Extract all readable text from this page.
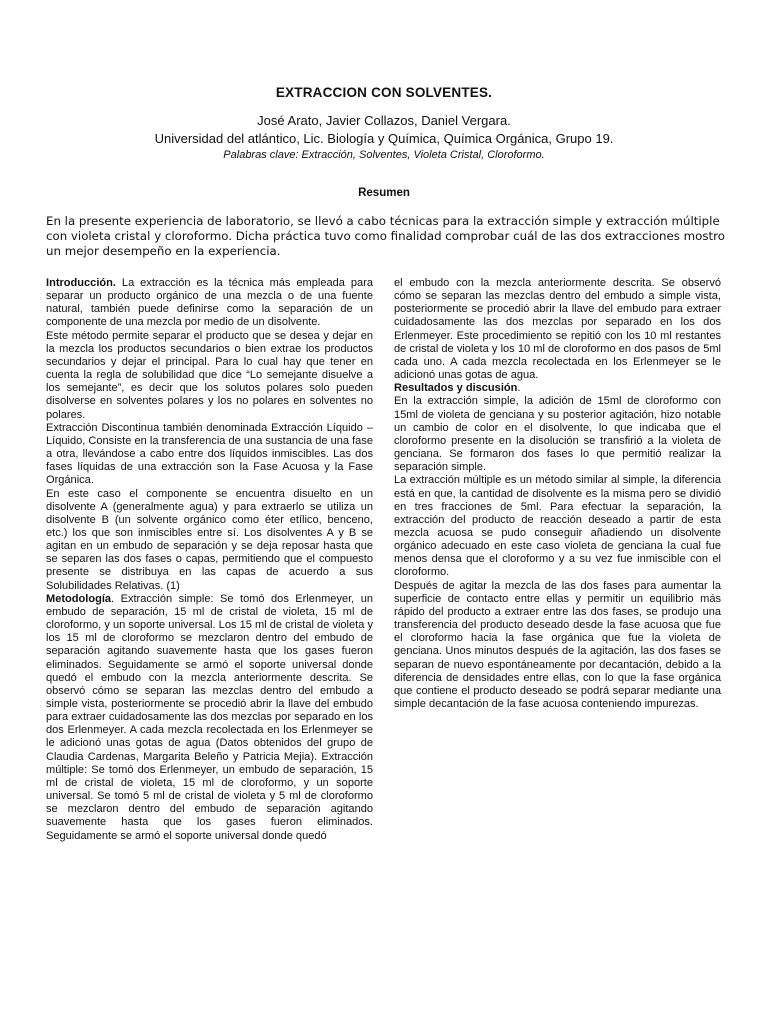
EXTRACCION CON SOLVENTES.
José Arato, Javier Collazos, Daniel Vergara.
Universidad del atlántico, Lic. Biología y Química, Química Orgánica, Grupo 19.
Palabras clave: Extracción, Solventes, Violeta Cristal, Cloroformo.
Resumen

En la presente experiencia de laboratorio, se llevó a cabo técnicas para la extracción simple y extracción múltiple con violeta cristal y cloroformo. Dicha práctica tuvo como finalidad comprobar cuál de las dos extracciones mostro un mejor desempeño en la experiencia.

Introducción. La extracción es la técnica más empleada para separar un producto orgánico de una mezcla o de una fuente natural, también puede definirse como la separación de un componente de una mezcla por medio de un disolvente.

Este método permite separar el producto que se desea y dejar en la mezcla los productos secundarios o bien extrae los productos secundarios y dejar el principal. Para lo cual hay que tener en cuenta la regla de solubilidad que dice “Lo semejante disuelve a los semejante”, es decir que los solutos polares solo pueden disolverse en solventes polares y los no polares en solventes no polares.

Extracción Discontinua también denominada Extracción Líquido – Líquido, Consiste en la transferencia de una sustancia de una fase a otra, llevándose a cabo entre dos líquidos inmiscibles. Las dos fases líquidas de una extracción son la Fase Acuosa y la Fase Orgánica.

En este caso el componente se encuentra disuelto en un disolvente A (generalmente agua) y para extraerlo se utiliza un disolvente B (un solvente orgánico como éter etílico, benceno, etc.) los que son inmiscibles entre sí. Los disolventes A y B se agitan en un embudo de separación y se deja reposar hasta que se separen las dos fases o capas, permitiendo que el compuesto presente se distribuya en las capas de acuerdo a sus Solubilidades Relativas. (1)

Metodología. Extracción simple: Se tomó dos Erlenmeyer, un embudo de separación, 15 ml de cristal de violeta, 15 ml de cloroformo, y un soporte universal. Los 15 ml de cristal de violeta y los 15 ml de cloroformo se mezclaron dentro del embudo de separación agitando suavemente hasta que los gases fueron eliminados. Seguidamente se armó el soporte universal donde quedó el embudo con la mezcla anteriormente descrita. Se observó cómo se separan las mezclas dentro del embudo a simple vista, posteriormente se procedió abrir la llave del embudo para extraer cuidadosamente las dos mezclas por separado en los dos Erlenmeyer. A cada mezcla recolectada en los Erlenmeyer se le adicionó unas gotas de agua (Datos obtenidos del grupo de Claudia Cardenas, Margarita Beleño y Patricia Mejia). Extracción múltiple: Se tomó dos Erlenmeyer, un embudo de separación, 15 ml de cristal de violeta, 15 ml de cloroformo, y un soporte universal. Se tomó 5 ml de cristal de violeta y 5 ml de cloroformo se mezclaron dentro del embudo de separación agitando suavemente hasta que los gases fueron eliminados. Seguidamente se armó el soporte universal donde quedó

el embudo con la mezcla anteriormente descrita. Se observó cómo se separan las mezclas dentro del embudo a simple vista, posteriormente se procedió abrir la llave del embudo para extraer cuidadosamente las dos mezclas por separado en los dos Erlenmeyer. Este procedimiento se repitió con los 10 ml restantes de cristal de violeta y los 10 ml de cloroformo en dos pasos de 5ml cada uno. A cada mezcla recolectada en los Erlenmeyer se le adicionó unas gotas de agua.

Resultados y discusión.

En la extracción simple, la adición de 15ml de cloroformo con 15ml de violeta de genciana y su posterior agitación, hizo notable un cambio de color en el disolvente, lo que indicaba que el cloroformo presente en la disolución se transfirió a la violeta de genciana. Se formaron dos fases lo que permitió realizar la separación simple.

La extracción múltiple es un método similar al simple, la diferencia está en que, la cantidad de disolvente es la misma pero se dividió en tres fracciones de 5ml. Para efectuar la separación, la extracción del producto de reacción deseado a partir de esta mezcla acuosa se pudo conseguir añadiendo un disolvente orgánico adecuado en este caso violeta de genciana la cual fue menos densa que el cloroformo y a su vez fue inmiscible con el cloroformo.

Después de agitar la mezcla de las dos fases para aumentar la superficie de contacto entre ellas y permitir un equilibrio más rápido del producto a extraer entre las dos fases, se produjo una transferencia del producto deseado desde la fase acuosa que fue el cloroformo hacia la fase orgánica que fue la violeta de genciana. Unos minutos después de la agitación, las dos fases se separan de nuevo espontáneamente por decantación, debido a la diferencia de densidades entre ellas, con lo que la fase orgánica que contiene el producto deseado se podrá separar mediante una simple decantación de la fase acuosa conteniendo impurezas.
